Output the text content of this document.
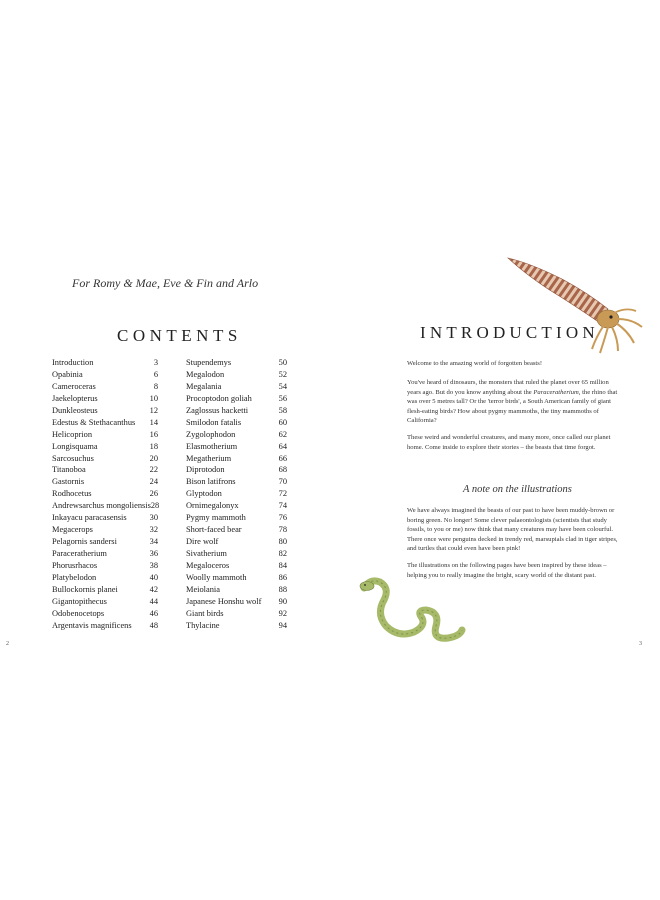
For Romy & Mae, Eve & Fin and Arlo
CONTENTS
Introduction	3
Opabinia	6
Cameroceras	8
Jaekelopterus	10
Dunkleosteus	12
Edestus & Stethacanthus 14
Helicoprion	16
Longisquama	18
Sarcosuchus	20
Titanoboa	22
Gastornis	24
Rodhocetus	26
Andrewsarchus mongoliensis 28
Inkayacu paracasensis	30
Megacerops	32
Pelagornis sandersi	34
Paraceratherium	36
Phorusrhacos	38
Platybelodon	40
Bullockornis planei	42
Gigantopithecus	44
Odobenocetops	46
Argentavis magnificens 48
Stupendemys	50
Megalodon	52
Megalania	54
Procoptodon goliah	56
Zaglossus hacketti	58
Smilodon fatalis	60
Zygolophodon	62
Elasmotherium	64
Megatherium	66
Diprotodon	68
Bison latifrons	70
Glyptodon	72
Ornimegalonyx	74
Pygmy mammoth	76
Short-faced bear	78
Dire wolf	80
Sivatherium	82
Megaloceros	84
Woolly mammoth	86
Meiolania	88
Japanese Honshu wolf 90
Giant birds	92
Thylacine	94
2
INTRODUCTION

Welcome to the amazing world of forgotten beasts!

You've heard of dinosaurs, the monsters that ruled the planet over 65 million years ago. But do you know anything about the Paraceratherium, the rhino that was over 5 metres tall? Or the 'terror birds', a South American family of giant flesh-eating birds? How about pygmy mammoths, the tiny mammoths of California?

These weird and wonderful creatures, and many more, once called our planet home. Come inside to explore their stories – the beasts that time forgot.

A note on the illustrations

We have always imagined the beasts of our past to have been muddy-brown or boring green. No longer! Some clever palaeontologists (scientists that study fossils, to you or me) now think that many creatures may have been colourful. There once were penguins decked in trendy red, marsupials clad in tiger stripes, and turtles that could even have been pink!

The illustrations on the following pages have been inspired by these ideas – helping you to really imagine the bright, scary world of the distant past.

3
